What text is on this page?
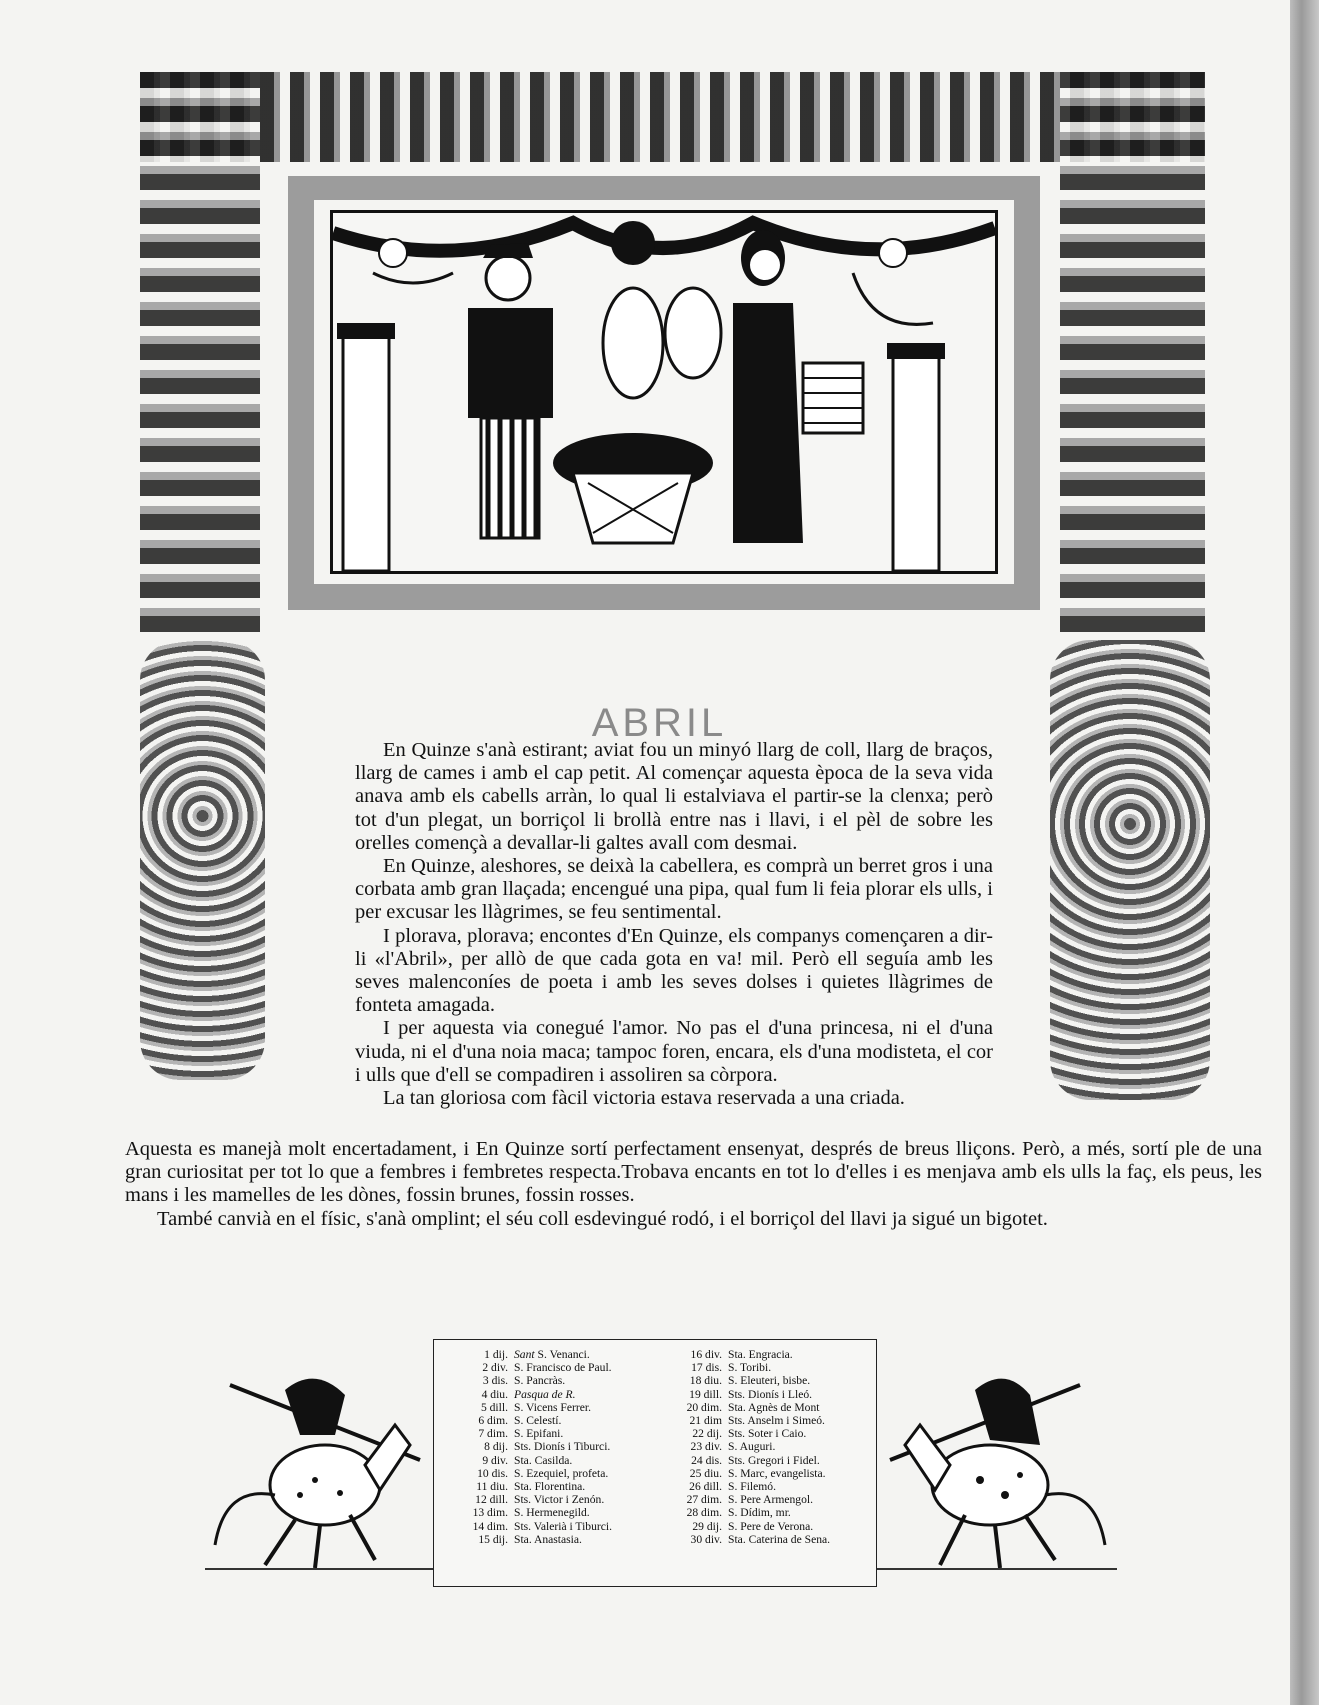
ABRIL

En Quinze s'anà estirant; aviat fou un minyó llarg de coll, llarg de braços, llarg de cames i amb el cap petit. Al començar aquesta època de la seva vida anava amb els cabells arràn, lo qual li estalviava el partir-se la clenxa; però tot d'un plegat, un borriçol li brollà entre nas i llavi, i el pèl de sobre les orelles començà a devallar-li galtes avall com desmai.

En Quinze, aleshores, se deixà la cabellera, es comprà un berret gros i una corbata amb gran llaçada; encengué una pipa, qual fum li feia plorar els ulls, i per excusar les llàgrimes, se feu sentimental.

I plorava, plorava; encontes d'En Quinze, els companys començaren a dir-li «l'Abril», per allò de que cada gota en va! mil. Però ell seguía amb les seves malenconíes de poeta i amb les seves dolses i quietes llàgrimes de fonteta amagada.

I per aquesta via conegué l'amor. No pas el d'una princesa, ni el d'una viuda, ni el d'una noia maca; tampoc foren, encara, els d'una modisteta, el cor i ulls que d'ell se compadiren i assoliren sa còrpora.

La tan gloriosa com fàcil victoria estava reservada a una criada.

Aquesta es manejà molt encertadament, i En Quinze sortí perfectament ensenyat, després de breus lliçons. Però, a més, sortí ple de una gran curiositat per tot lo que a fembres i fembretes respecta.Trobava encants en tot lo d'elles i es menjava amb els ulls la faç, els peus, les mans i les mamelles de les dònes, fossin brunes, fossin rosses.

També canvià en el físic, s'anà omplint; el séu coll esdevingué rodó, i el borriçol del llavi ja sigué un bigotet.

1 dij. Sant S. Venanci.
2 div. S. Francisco de Paul.
3 dis. S. Pancràs.
4 diu. Pasqua de R.
5 dill. S. Vicens Ferrer.
6 dim. S. Celestí.
7 dim. S. Epifani.
8 dij. Sts. Dionís i Tiburci.
9 div. Sta. Casilda.
10 dis. S. Ezequiel, profeta.
11 diu. Sta. Florentina.
12 dill. Sts. Victor i Zenón.
13 dim. S. Hermenegild.
14 dim. Sts. Valerià i Tiburci.
15 dij. Sta. Anastasia.
16 div. Sta. Engracia.
17 dis. S. Toribi.
18 diu. S. Eleuteri, bisbe.
19 dill. Sts. Dionís i Lleó.
20 dim. Sta. Agnès de Mont
21 dim Sts. Anselm i Simeó.
22 dij. Sts. Soter i Caio.
23 div. S. Auguri.
24 dis. Sts. Gregori i Fidel.
25 diu. S. Marc, evangelista.
26 dill. S. Filemó.
27 dim. S. Pere Armengol.
28 dim. S. Dídim, mr.
29 dij. S. Pere de Verona.
30 div. Sta. Caterina de Sena.
